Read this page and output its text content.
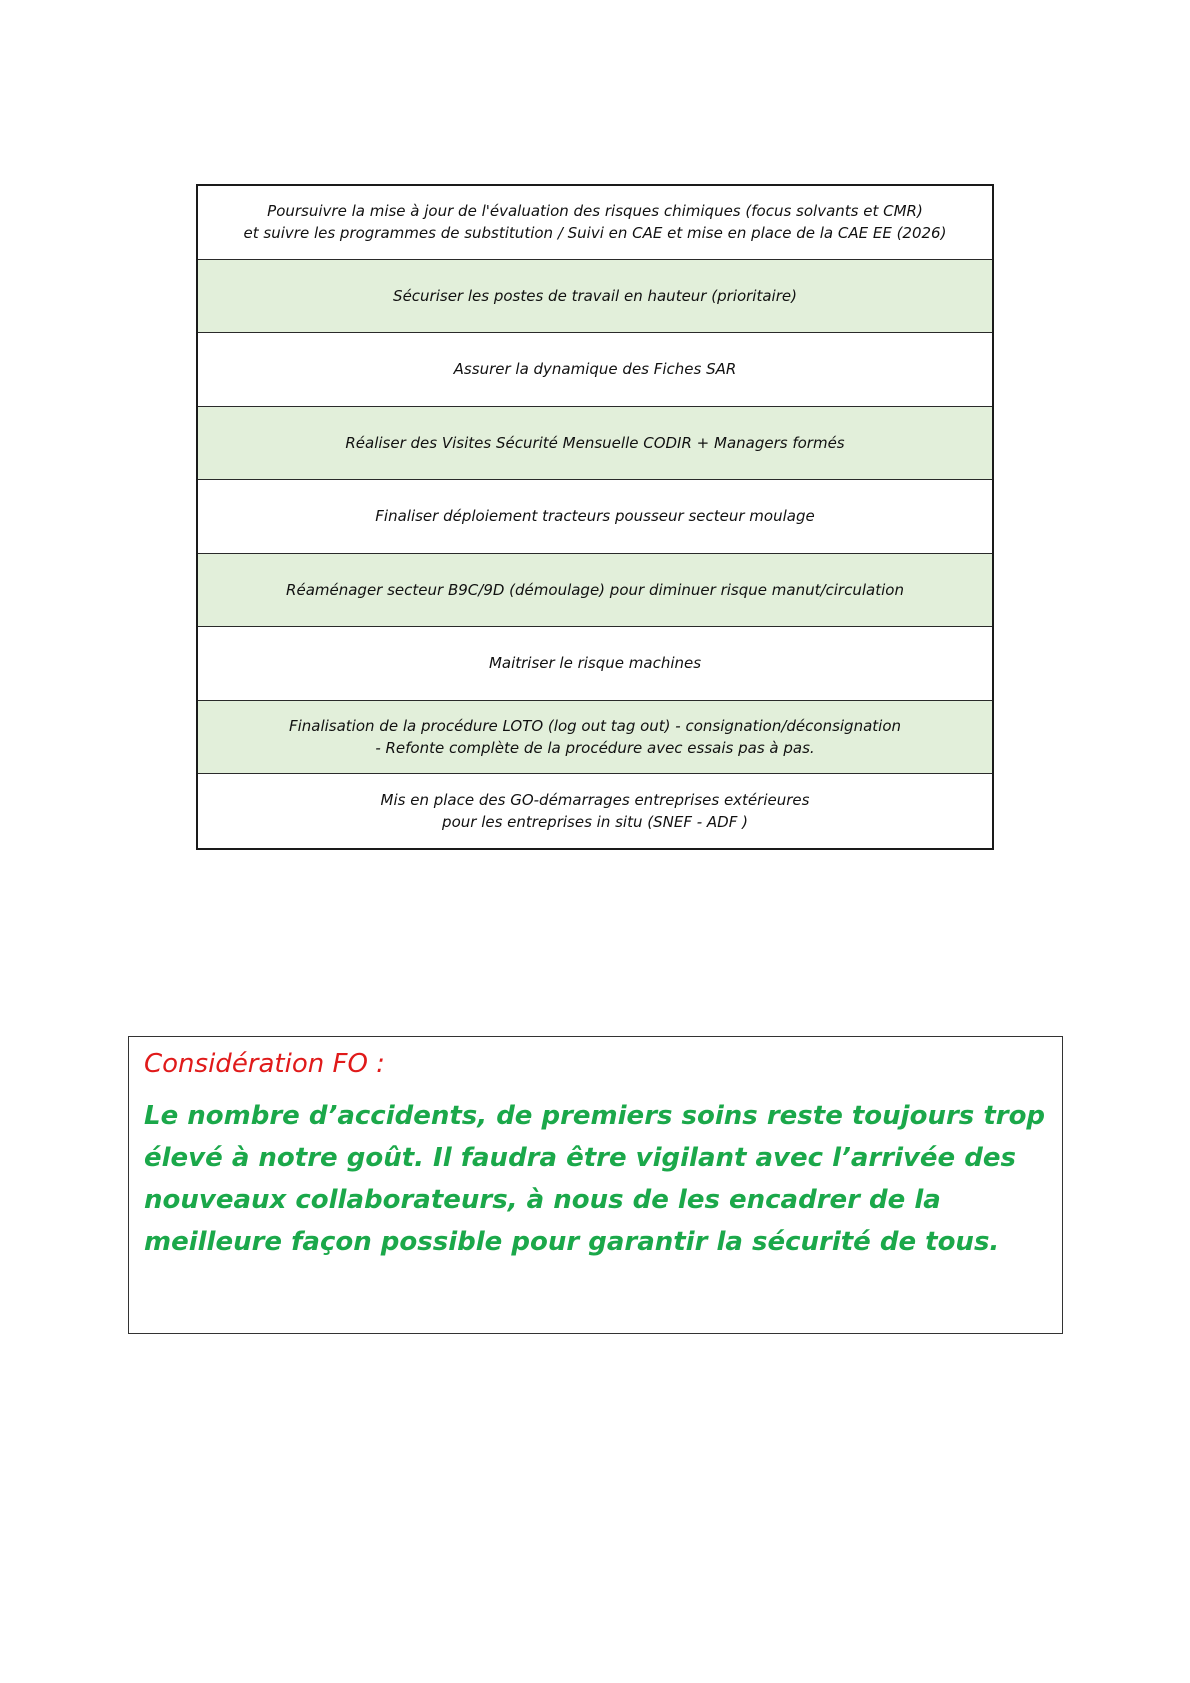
Poursuivre la mise à jour de l'évaluation des risques chimiques (focus solvants et CMR)
et suivre les programmes de substitution / Suivi en CAE et mise en place de la CAE EE (2026)
Sécuriser les postes de travail en hauteur (prioritaire)
Assurer la dynamique des Fiches SAR
Réaliser des Visites Sécurité Mensuelle CODIR + Managers formés
Finaliser déploiement tracteurs pousseur secteur moulage
Réaménager secteur B9C/9D (démoulage) pour diminuer risque manut/circulation
Maitriser le risque machines
Finalisation de la procédure LOTO (log out tag out) - consignation/déconsignation
- Refonte complète de la procédure avec essais pas à pas.
Mis en place des GO-démarrages entreprises extérieures
pour les entreprises in situ (SNEF - ADF )

Considération FO :

Le nombre d’accidents, de premiers soins reste toujours trop élevé à notre goût. Il faudra être vigilant avec l’arrivée des nouveaux collaborateurs, à nous de les encadrer de la meilleure façon possible pour garantir la sécurité de tous.
